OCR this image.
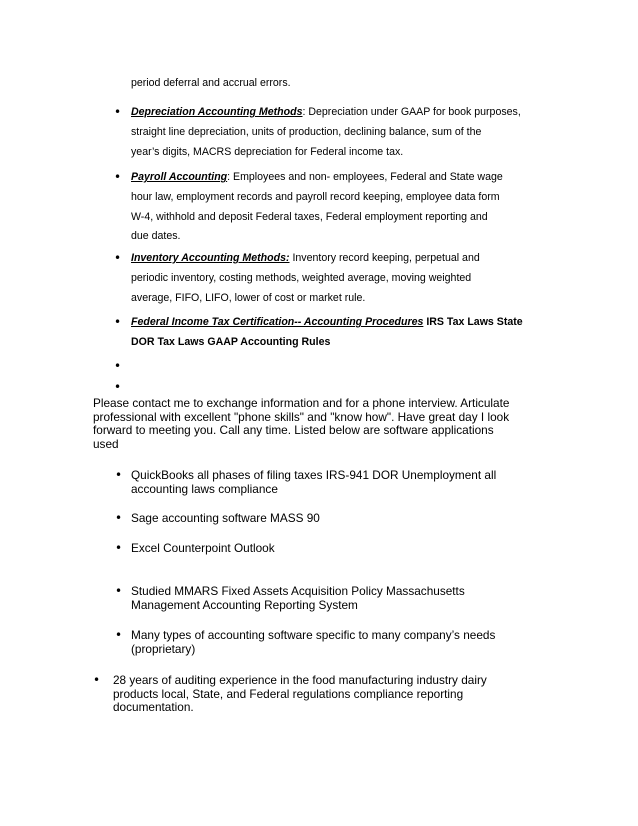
period deferral and accrual errors.
• Depreciation Accounting Methods: Depreciation under GAAP for book purposes,
straight line depreciation, units of production, declining balance, sum of the
year’s digits, MACRS depreciation for Federal income tax.
• Payroll Accounting: Employees and non- employees, Federal and State wage
hour law, employment records and payroll record keeping, employee data form
W-4, withhold and deposit Federal taxes, Federal employment reporting and
due dates.
• Inventory Accounting Methods: Inventory record keeping, perpetual and
periodic inventory, costing methods, weighted average, moving weighted
average, FIFO, LIFO, lower of cost or market rule.
• Federal Income Tax Certification-- Accounting Procedures IRS Tax Laws State
DOR Tax Laws GAAP Accounting Rules
•
•
Please contact me to exchange information and for a phone interview. Articulate
professional with excellent "phone skills" and "know how". Have great day I look
forward to meeting you. Call any time. Listed below are software applications
used
• QuickBooks all phases of filing taxes IRS-941 DOR Unemployment all
accounting laws compliance
• Sage accounting software MASS 90
• Excel Counterpoint Outlook
• Studied MMARS Fixed Assets Acquisition Policy Massachusetts
Management Accounting Reporting System
• Many types of accounting software specific to many company’s needs
(proprietary)
• 28 years of auditing experience in the food manufacturing industry dairy
products local, State, and Federal regulations compliance reporting
documentation.
